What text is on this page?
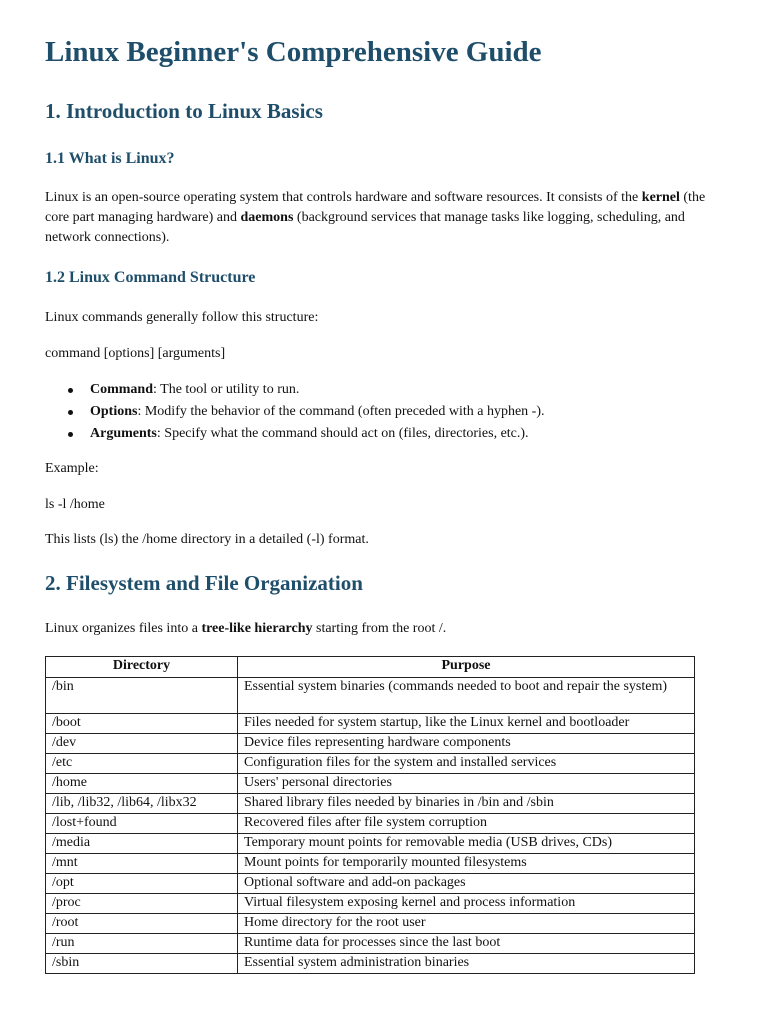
Linux Beginner's Comprehensive Guide
1. Introduction to Linux Basics
1.1 What is Linux?

Linux is an open-source operating system that controls hardware and software resources. It consists of the kernel (the core part managing hardware) and daemons (background services that manage tasks like logging, scheduling, and network connections).

1.2 Linux Command Structure

Linux commands generally follow this structure:

command [options] [arguments]

Command: The tool or utility to run.
Options: Modify the behavior of the command (often preceded with a hyphen -).
Arguments: Specify what the command should act on (files, directories, etc.).

Example:

ls -l /home

This lists (ls) the /home directory in a detailed (-l) format.

2. Filesystem and File Organization

Linux organizes files into a tree-like hierarchy starting from the root /.

Directory	Purpose
/bin	Essential system binaries (commands needed to boot and repair the system)
/boot	Files needed for system startup, like the Linux kernel and bootloader
/dev	Device files representing hardware components
/etc	Configuration files for the system and installed services
/home	Users' personal directories
/lib, /lib32, /lib64, /libx32	Shared library files needed by binaries in /bin and /sbin
/lost+found	Recovered files after file system corruption
/media	Temporary mount points for removable media (USB drives, CDs)
/mnt	Mount points for temporarily mounted filesystems
/opt	Optional software and add-on packages
/proc	Virtual filesystem exposing kernel and process information
/root	Home directory for the root user
/run	Runtime data for processes since the last boot
/sbin	Essential system administration binaries
